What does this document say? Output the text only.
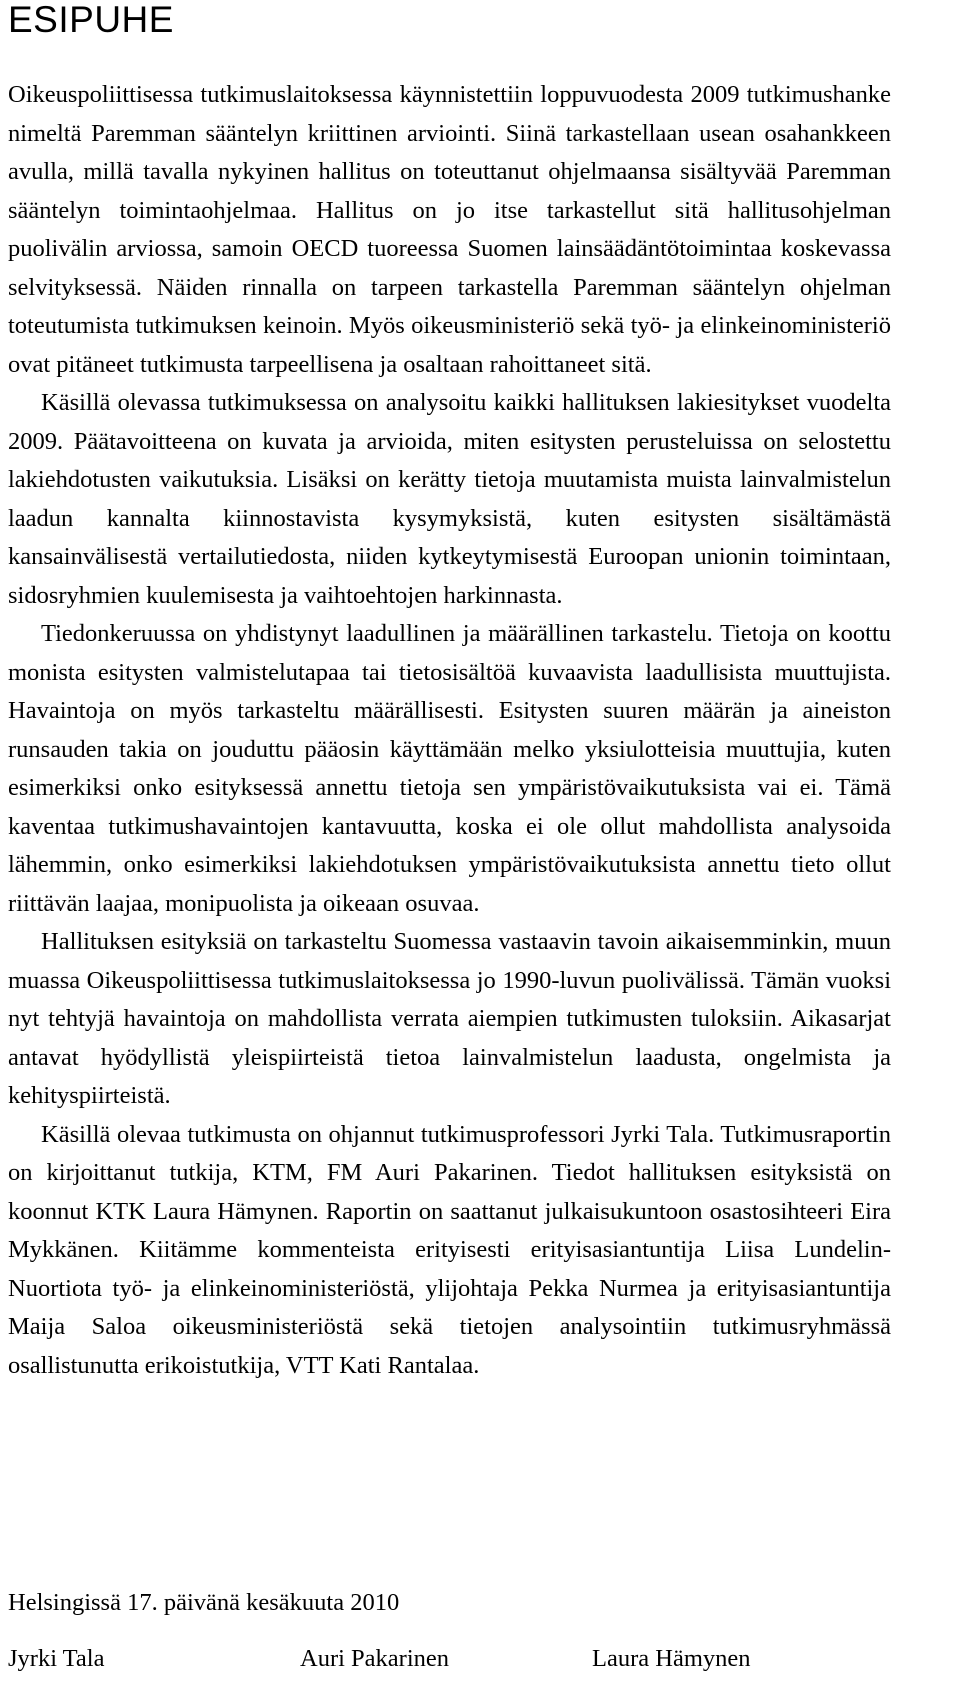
ESIPUHE

Oikeuspoliittisessa tutkimuslaitoksessa käynnistettiin loppuvuodesta 2009 tutkimushanke nimeltä Paremman sääntelyn kriittinen arviointi. Siinä tarkastellaan usean osahankkeen avulla, millä tavalla nykyinen hallitus on toteuttanut ohjelmaansa sisältyvää Paremman sääntelyn toimintaohjelmaa. Hallitus on jo itse tarkastellut sitä hallitusohjelman puolivälin arviossa, samoin OECD tuoreessa Suomen lainsäädäntötoimintaa koskevassa selvityksessä. Näiden rinnalla on tarpeen tarkastella Paremman sääntelyn ohjelman toteutumista tutkimuksen keinoin. Myös oikeusministeriö sekä työ- ja elinkeinoministeriö ovat pitäneet tutkimusta tarpeellisena ja osaltaan rahoittaneet sitä.

Käsillä olevassa tutkimuksessa on analysoitu kaikki hallituksen lakiesitykset vuodelta 2009. Päätavoitteena on kuvata ja arvioida, miten esitysten perusteluissa on selostettu lakiehdotusten vaikutuksia. Lisäksi on kerätty tietoja muutamista muista lainvalmistelun laadun kannalta kiinnostavista kysymyksistä, kuten esitysten sisältämästä kansainvälisestä vertailutiedosta, niiden kytkeytymisestä Euroopan unionin toimintaan, sidosryhmien kuulemisesta ja vaihtoehtojen harkinnasta.

Tiedonkeruussa on yhdistynyt laadullinen ja määrällinen tarkastelu. Tietoja on koottu monista esitysten valmistelutapaa tai tietosisältöä kuvaavista laadullisista muuttujista. Havaintoja on myös tarkasteltu määrällisesti. Esitysten suuren määrän ja aineiston runsauden takia on jouduttu pääosin käyttämään melko yksiulotteisia muuttujia, kuten esimerkiksi onko esityksessä annettu tietoja sen ympäristövaikutuksista vai ei. Tämä kaventaa tutkimushavaintojen kantavuutta, koska ei ole ollut mahdollista analysoida lähemmin, onko esimerkiksi lakiehdotuksen ympäristövaikutuksista annettu tieto ollut riittävän laajaa, monipuolista ja oikeaan osuvaa.

Hallituksen esityksiä on tarkasteltu Suomessa vastaavin tavoin aikaisemminkin, muun muassa Oikeuspoliittisessa tutkimuslaitoksessa jo 1990-luvun puolivälissä. Tämän vuoksi nyt tehtyjä havaintoja on mahdollista verrata aiempien tutkimusten tuloksiin. Aikasarjat antavat hyödyllistä yleispiirteistä tietoa lainvalmistelun laadusta, ongelmista ja kehityspiirteistä.

Käsillä olevaa tutkimusta on ohjannut tutkimusprofessori Jyrki Tala. Tutkimusraportin on kirjoittanut tutkija, KTM, FM Auri Pakarinen. Tiedot hallituksen esityksistä on koonnut KTK Laura Hämynen. Raportin on saattanut julkaisukuntoon osastosihteeri Eira Mykkänen. Kiitämme kommenteista erityisesti erityisasiantuntija Liisa Lundelin-Nuortiota työ- ja elinkeinoministeriöstä, ylijohtaja Pekka Nurmea ja erityisasiantuntija Maija Saloa oikeusministeriöstä sekä tietojen analysointiin tutkimusryhmässä osallistunutta erikoistutkija, VTT Kati Rantalaa.

Helsingissä 17. päivänä kesäkuuta 2010

Jyrki Tala	Auri Pakarinen	Laura Hämynen
